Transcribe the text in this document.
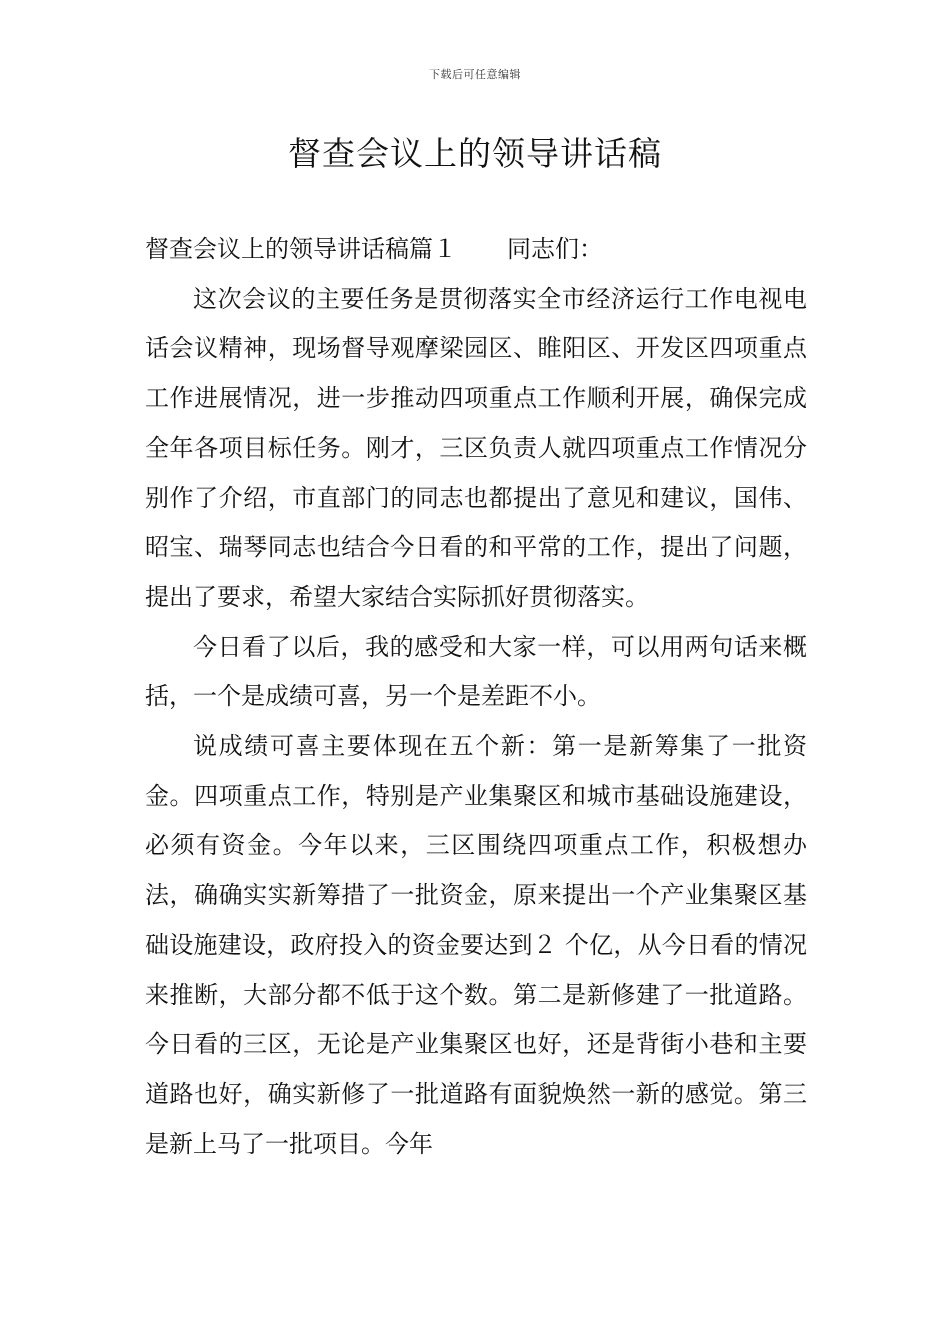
下载后可任意编辑
督查会议上的领导讲话稿

督查会议上的领导讲话稿篇１ 同志们：

这次会议的主要任务是贯彻落实全市经济运行工作电视电话会议精神，现场督导观摩梁园区、睢阳区、开发区四项重点工作进展情况，进一步推动四项重点工作顺利开展，确保完成全年各项目标任务。刚才，三区负责人就四项重点工作情况分别作了介绍，市直部门的同志也都提出了意见和建议，国伟、昭宝、瑞琴同志也结合今日看的和平常的工作，提出了问题，提出了要求，希望大家结合实际抓好贯彻落实。

今日看了以后，我的感受和大家一样，可以用两句话来概括，一个是成绩可喜，另一个是差距不小。

说成绩可喜主要体现在五个新：第一是新筹集了一批资金。四项重点工作，特别是产业集聚区和城市基础设施建设，必须有资金。今年以来，三区围绕四项重点工作，积极想办法，确确实实新筹措了一批资金，原来提出一个产业集聚区基础设施建设，政府投入的资金要达到２ 个亿，从今日看的情况来推断，大部分都不低于这个数。第二是新修建了一批道路。今日看的三区，无论是产业集聚区也好，还是背街小巷和主要道路也好，确实新修了一批道路有面貌焕然一新的感觉。第三是新上马了一批项目。今年
